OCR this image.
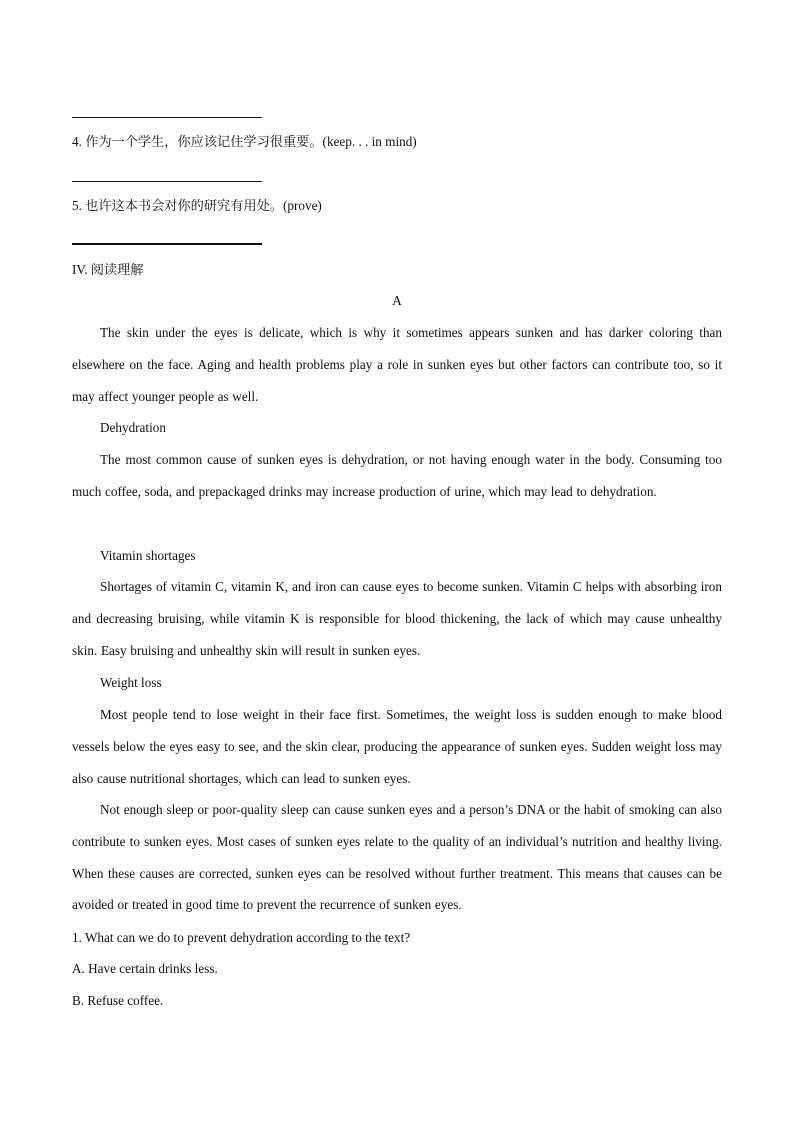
4. 作为一个学生，你应该记住学习很重要。(keep. . . in mind)
5. 也许这本书会对你的研究有用处。(prove)
IV. 阅读理解
A
The skin under the eyes is delicate, which is why it sometimes appears sunken and has darker coloring than elsewhere on the face. Aging and health problems play a role in sunken eyes but other factors can contribute too, so it may affect younger people as well.
Dehydration
The most common cause of sunken eyes is dehydration, or not having enough water in the body. Consuming too much coffee, soda, and prepackaged drinks may increase production of urine, which may lead to dehydration.
Vitamin shortages
Shortages of vitamin C, vitamin K, and iron can cause eyes to become sunken. Vitamin C helps with absorbing iron and decreasing bruising, while vitamin K is responsible for blood thickening, the lack of which may cause unhealthy skin. Easy bruising and unhealthy skin will result in sunken eyes.
Weight loss
Most people tend to lose weight in their face first. Sometimes, the weight loss is sudden enough to make blood vessels below the eyes easy to see, and the skin clear, producing the appearance of sunken eyes. Sudden weight loss may also cause nutritional shortages, which can lead to sunken eyes.
Not enough sleep or poor-quality sleep can cause sunken eyes and a person’s DNA or the habit of smoking can also contribute to sunken eyes. Most cases of sunken eyes relate to the quality of an individual’s nutrition and healthy living. When these causes are corrected, sunken eyes can be resolved without further treatment. This means that causes can be avoided or treated in good time to prevent the recurrence of sunken eyes.
1. What can we do to prevent dehydration according to the text?
A. Have certain drinks less.
B. Refuse coffee.
